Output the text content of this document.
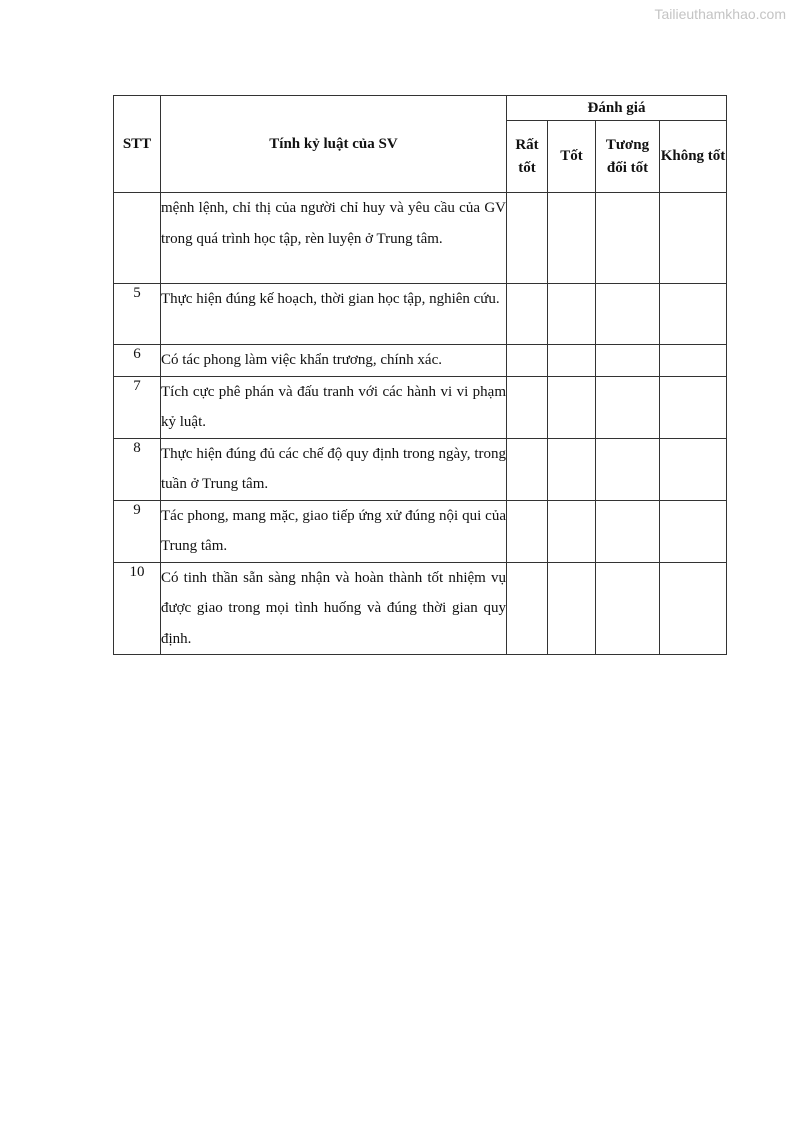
Tailieuthamkhao.com
STT	Tính kỷ luật của SV	Đánh giá			
		Rất tốt	Tốt	Tương đối tốt	Không tốt
	mệnh lệnh, chỉ thị của người chỉ huy và yêu cầu của GV trong quá trình học tập, rèn luyện ở Trung tâm.				
5	Thực hiện đúng kế hoạch, thời gian học tập, nghiên cứu.				
6	Có tác phong làm việc khẩn trương, chính xác.				
7	Tích cực phê phán và đấu tranh với các hành vi vi phạm kỷ luật.				
8	Thực hiện đúng đủ các chế độ quy định trong ngày, trong tuần ở Trung tâm.				
9	Tác phong, mang mặc, giao tiếp ứng xử đúng nội qui của Trung tâm.				
10	Có tinh thần sẵn sàng nhận và hoàn thành tốt nhiệm vụ được giao trong mọi tình huống và đúng thời gian quy định.				
